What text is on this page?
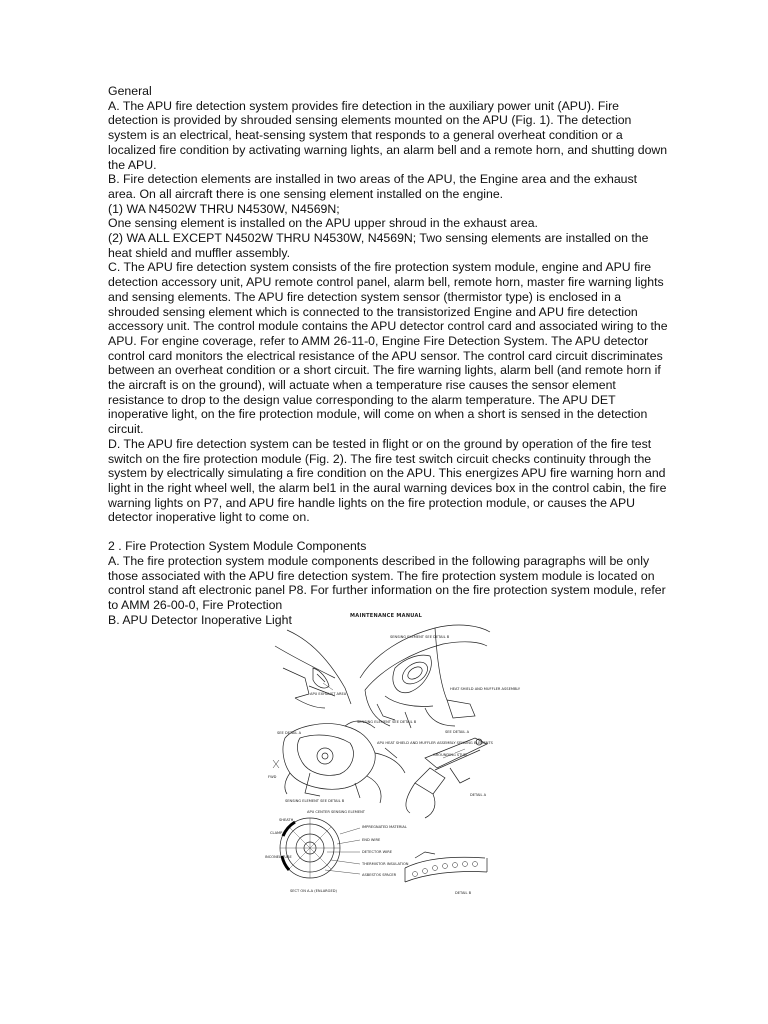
General

A. The APU fire detection system provides fire detection in the auxiliary power unit (APU). Fire detection is provided by shrouded sensing elements mounted on the APU (Fig. 1). The detection system is an electrical, heat-sensing system that responds to a general overheat condition or a localized fire condition by activating warning lights, an alarm bell and a remote horn, and shutting down the APU.

B. Fire detection elements are installed in two areas of the APU, the Engine area and the exhaust area. On all aircraft there is one sensing element installed on the engine.

(1) WA N4502W THRU N4530W, N4569N;

One sensing element is installed on the APU upper shroud in the exhaust area.

(2) WA ALL EXCEPT N4502W THRU N4530W, N4569N; Two sensing elements are installed on the heat shield and muffler assembly.

C. The APU fire detection system consists of the fire protection system module, engine and APU fire detection accessory unit, APU remote control panel, alarm bell, remote horn, master fire warning lights and sensing elements. The APU fire detection system sensor (thermistor type) is enclosed in a shrouded sensing element which is connected to the transistorized Engine and APU fire detection accessory unit. The control module contains the APU detector control card and associated wiring to the APU. For engine coverage, refer to AMM 26-11-0, Engine Fire Detection System. The APU detector control card monitors the electrical resistance of the APU sensor. The control card circuit discriminates between an overheat condition or a short circuit. The fire warning lights, alarm bell (and remote horn if the aircraft is on the ground), will actuate when a temperature rise causes the sensor element resistance to drop to the design value corresponding to the alarm temperature. The APU DET inoperative light, on the fire protection module, will come on when a short is sensed in the detection circuit.

D. The APU fire detection system can be tested in flight or on the ground by operation of the fire test switch on the fire protection module (Fig. 2). The fire test switch circuit checks continuity through the system by electrically simulating a fire condition on the APU. This energizes APU fire warning horn and light in the right wheel well, the alarm bel1 in the aural warning devices box in the control cabin, the fire warning lights on P7, and APU fire handle lights on the fire protection module, or causes the APU detector inoperative light to come on.

2 . Fire Protection System Module Components

A. The fire protection system module components described in the following paragraphs will be only those associated with the APU fire detection system. The fire protection system module is located on control stand aft electronic panel P8. For further information on the fire protection system module, refer to AMM 26-00-0, Fire Protection

B. APU Detector Inoperative Light	MAINTENANCE MANUAL
FWD
APU EXHAUST AREA
SENSING ELEMENT SEE DETAIL B
HEAT SHIELD AND MUFFLER ASSEMBLY
SEE DETAIL A
SENSING ELEMENT SEE DETAIL B
APU HEAT SHIELD AND MUFFLER ASSEMBLY SENSING ELEMENTS
SEE DETAIL A
SENSING ELEMENT SEE DETAIL B
APU CENTER SENSING ELEMENT
GROUNDING STUD
DETAIL A
SHEATH
CLAMP
INCONEL TUBE
IMPREGNATED MATERIAL
END WIRE
DETECTOR WIRE
THERMISTOR INSULATION
ASBESTOS SPACER
SECT ON A-A (ENLARGED)	DETAIL B
